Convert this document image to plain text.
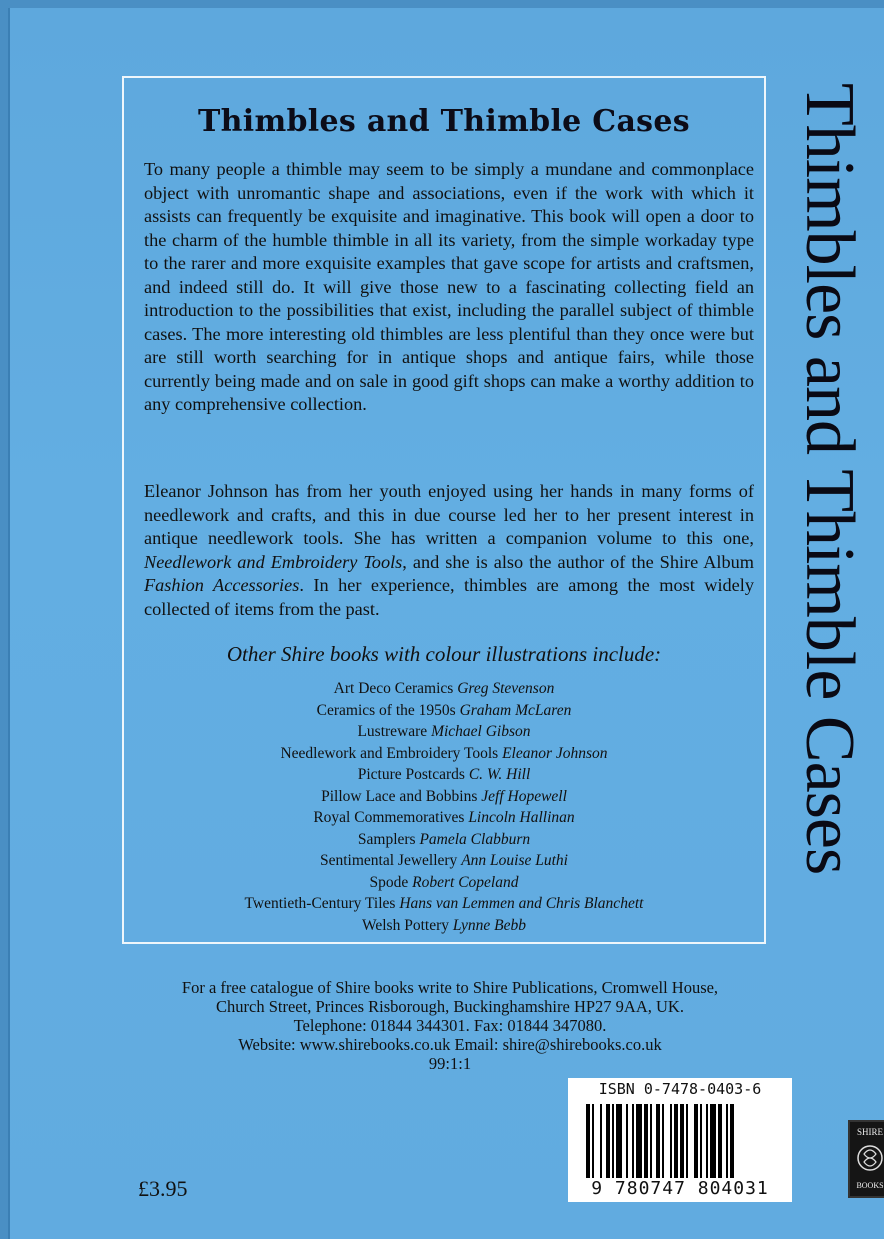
Thimbles and Thimble Cases

To many people a thimble may seem to be simply a mundane and commonplace object with unromantic shape and associations, even if the work with which it assists can frequently be exquisite and imaginative. This book will open a door to the charm of the humble thimble in all its variety, from the simple workaday type to the rarer and more exquisite examples that gave scope for artists and craftsmen, and indeed still do. It will give those new to a fascinating collecting field an introduction to the possibilities that exist, including the parallel subject of thimble cases. The more interesting old thimbles are less plentiful than they once were but are still worth searching for in antique shops and antique fairs, while those currently being made and on sale in good gift shops can make a worthy addition to any comprehensive collection.

Eleanor Johnson has from her youth enjoyed using her hands in many forms of needlework and crafts, and this in due course led her to her present interest in antique needlework tools. She has written a companion volume to this one, Needlework and Embroidery Tools, and she is also the author of the Shire Album Fashion Accessories. In her experience, thimbles are among the most widely collected of items from the past.

Other Shire books with colour illustrations include:
Art Deco Ceramics Greg Stevenson
Ceramics of the 1950s Graham McLaren
Lustreware Michael Gibson
Needlework and Embroidery Tools Eleanor Johnson
Picture Postcards C. W. Hill
Pillow Lace and Bobbins Jeff Hopewell
Royal Commemoratives Lincoln Hallinan
Samplers Pamela Clabburn
Sentimental Jewellery Ann Louise Luthi
Spode Robert Copeland
Twentieth-Century Tiles Hans van Lemmen and Chris Blanchett
Welsh Pottery Lynne Bebb
Thimbles and Thimble Cases
For a free catalogue of Shire books write to Shire Publications, Cromwell House,
Church Street, Princes Risborough, Buckinghamshire HP27 9AA, UK.
Telephone: 01844 344301. Fax: 01844 347080.
Website: www.shirebooks.co.uk Email: shire@shirebooks.co.uk
99:1:1
£3.95
ISBN 0-7478-0403-6
9 780747 804031
SHIRE
BOOKS
